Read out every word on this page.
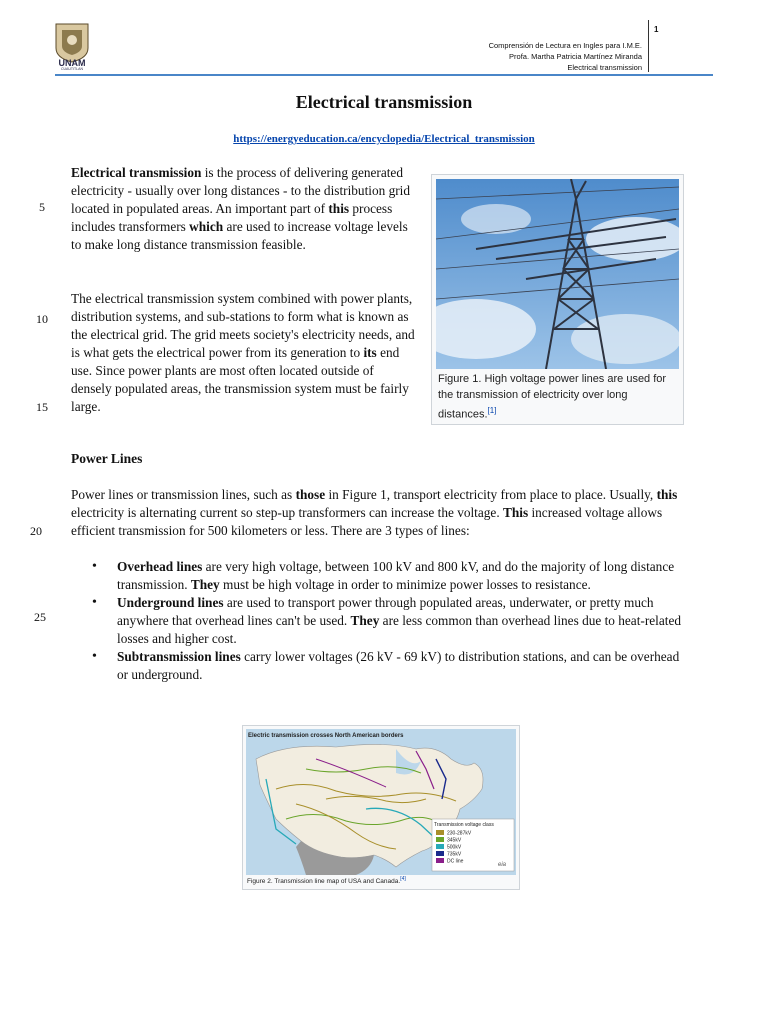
UNAM
CUAUTITLAN
Comprensión de Lectura en Ingles para I.M.E.
Profa. Martha Patricia Martínez Miranda
Electrical transmission
1
Electrical transmission
https://energyeducation.ca/encyclopedia/Electrical_transmission
5
10
15
20
25
Electrical transmission is the process of delivering generated electricity - usually over long distances - to the distribution grid located in populated areas. An important part of this process includes transformers which are used to increase voltage levels to make long distance transmission feasible.
The electrical transmission system combined with power plants, distribution systems, and sub-stations to form what is known as the electrical grid. The grid meets society's electricity needs, and is what gets the electrical power from its generation to its end use. Since power plants are most often located outside of densely populated areas, the transmission system must be fairly large.
Figure 1. High voltage power lines are used for the transmission of electricity over long distances.[1]
Power Lines
Power lines or transmission lines, such as those in Figure 1, transport electricity from place to place. Usually, this electricity is alternating current so step-up transformers can increase the voltage. This increased voltage allows efficient transmission for 500 kilometers or less. There are 3 types of lines:
• Overhead lines are very high voltage, between 100 kV and 800 kV, and do the majority of long distance transmission. They must be high voltage in order to minimize power losses to resistance.
• Underground lines are used to transport power through populated areas, underwater, or pretty much anywhere that overhead lines can't be used. They are less common than overhead lines due to heat-related losses and higher cost.
• Subtransmission lines carry lower voltages (26 kV - 69 kV) to distribution stations, and can be overhead or underground.
Electric transmission crosses North American borders
Transmission voltage class
230-287kV
345kV
500kV
735kV
DC line
eia
Figure 2. Transmission line map of USA and Canada.[4]
